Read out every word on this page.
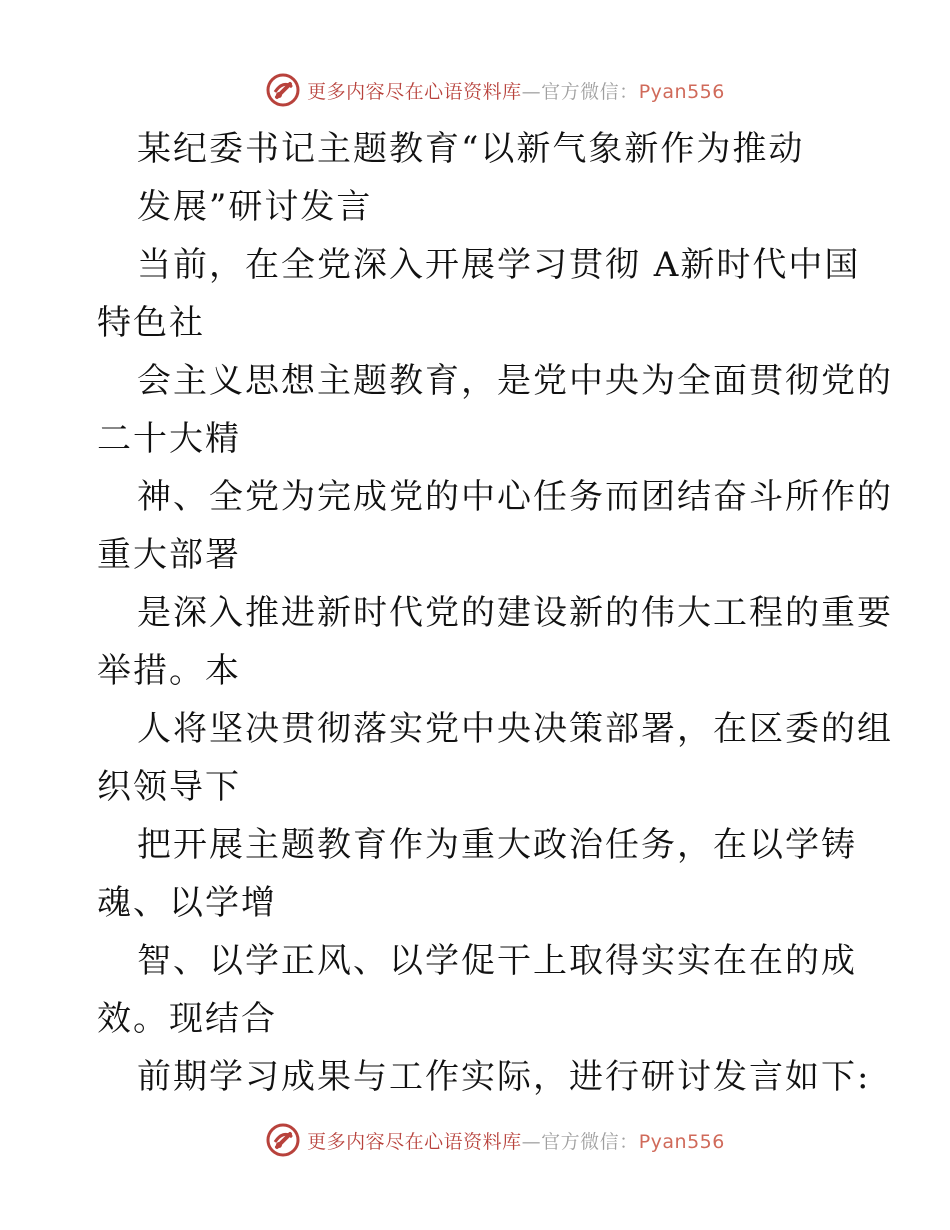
更多内容尽在心语资料库—官方微信：Pyan556
某纪委书记主题教育“以新气象新作为推动
发展”研讨发言
当前，在全党深入开展学习贯彻 A新时代中国
特色社
会主义思想主题教育，是党中央为全面贯彻党的
二十大精
神、全党为完成党的中心任务而团结奋斗所作的
重大部署
是深入推进新时代党的建设新的伟大工程的重要
举措。本
人将坚决贯彻落实党中央决策部署，在区委的组
织领导下
把开展主题教育作为重大政治任务，在以学铸
魂、以学增
智、以学正风、以学促干上取得实实在在的成
效。现结合
前期学习成果与工作实际，进行研讨发言如下:
更多内容尽在心语资料库—官方微信：Pyan556
